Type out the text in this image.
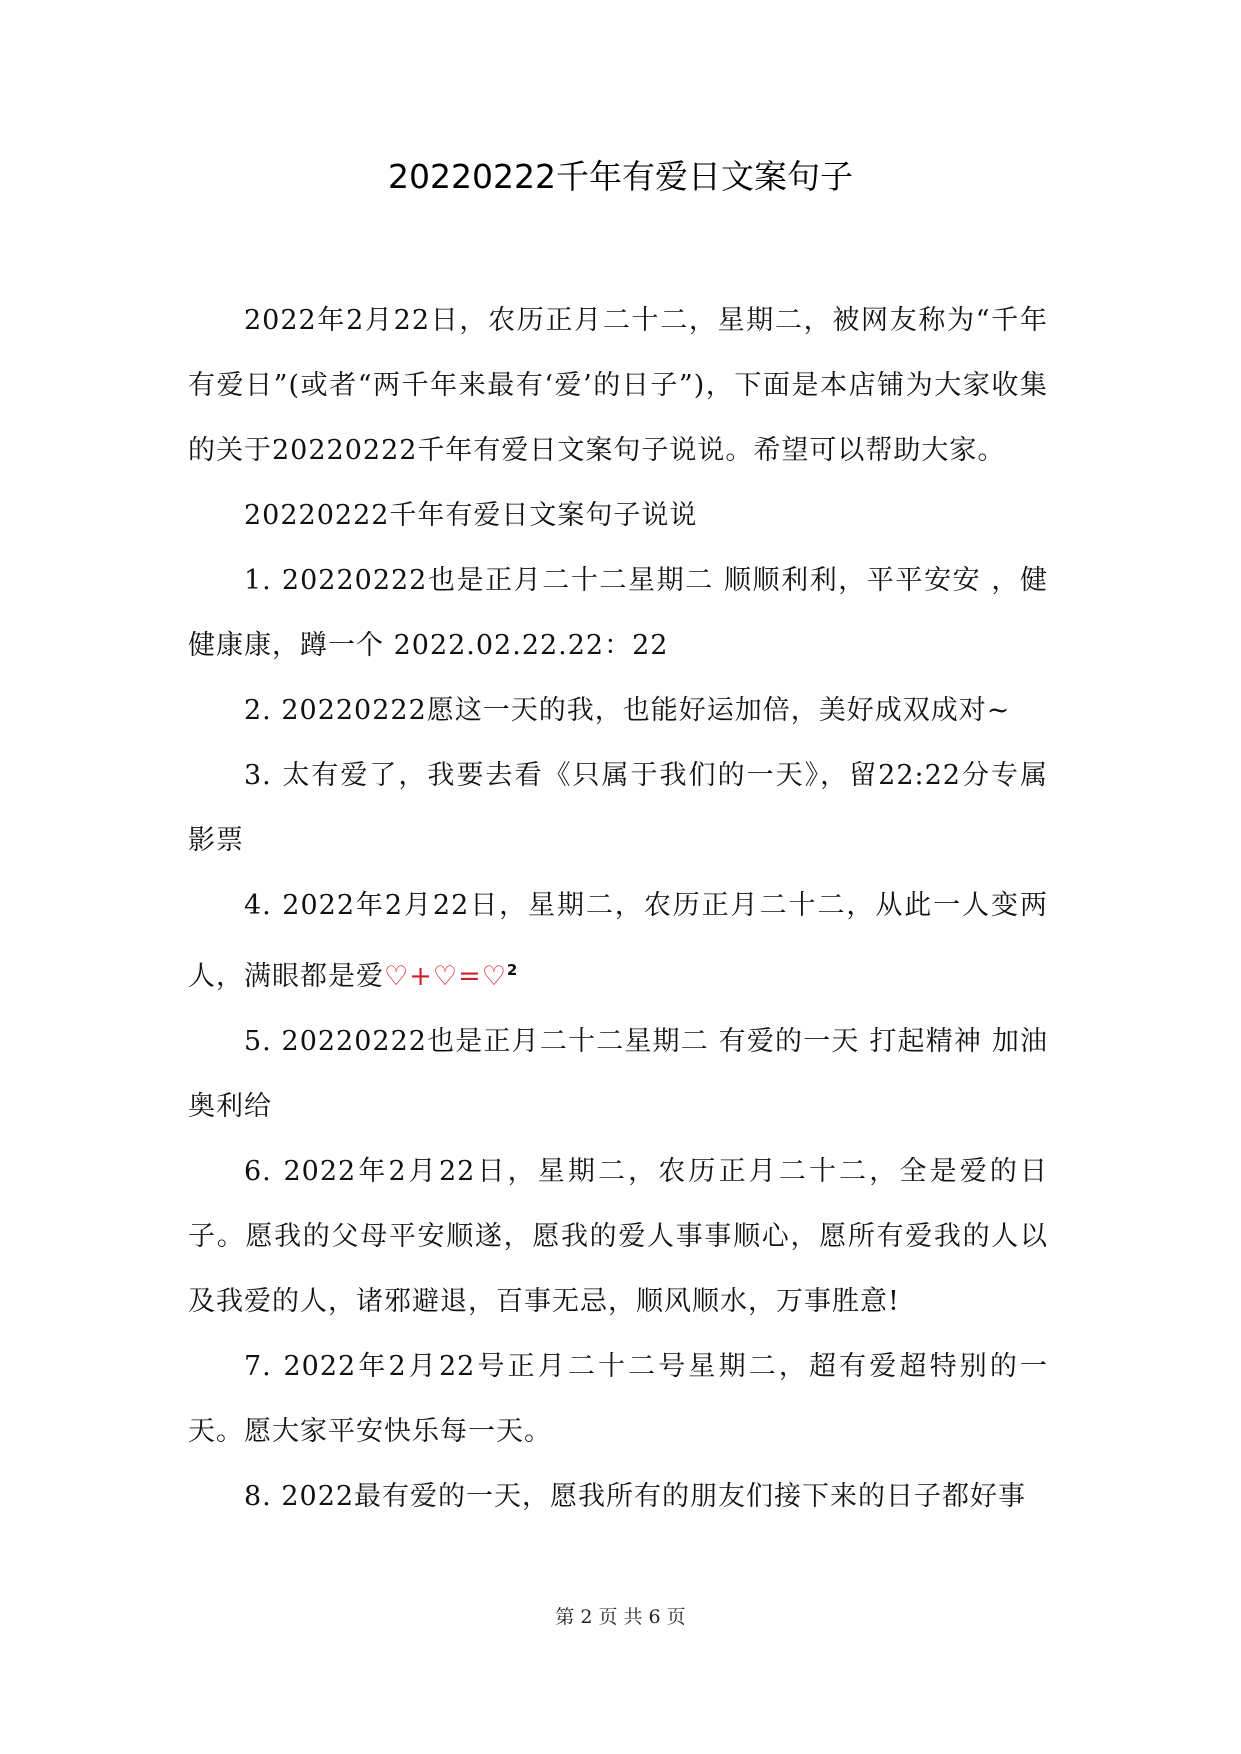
20220222千年有爱日文案句子

2022年2月22日，农历正月二十二，星期二，被网友称为“千年有爱日”(或者“两千年来最有‘爱’的日子”)，下面是本店铺为大家收集的关于20220222千年有爱日文案句子说说。希望可以帮助大家。

20220222千年有爱日文案句子说说

1. 20220222也是正月二十二星期二 顺顺利利，平平安安 ，健健康康，蹲一个 2022.02.22.22：22

2. 20220222愿这一天的我，也能好运加倍，美好成双成对~

3. 太有爱了，我要去看《只属于我们的一天》，留22:22分专属影票

4. 2022年2月22日，星期二，农历正月二十二，从此一人变两人，满眼都是爱♡+♡=♡$^2$

5. 20220222也是正月二十二星期二 有爱的一天 打起精神 加油 奥利给

6. 2022年2月22日，星期二，农历正月二十二，全是爱的日子。愿我的父母平安顺遂，愿我的爱人事事顺心，愿所有爱我的人以及我爱的人，诸邪避退，百事无忌，顺风顺水，万事胜意!

7. 2022年2月22号正月二十二号星期二，超有爱超特别的一天。愿大家平安快乐每一天。

8. 2022最有爱的一天，愿我所有的朋友们接下来的日子都好事

第 2 页 共 6 页
